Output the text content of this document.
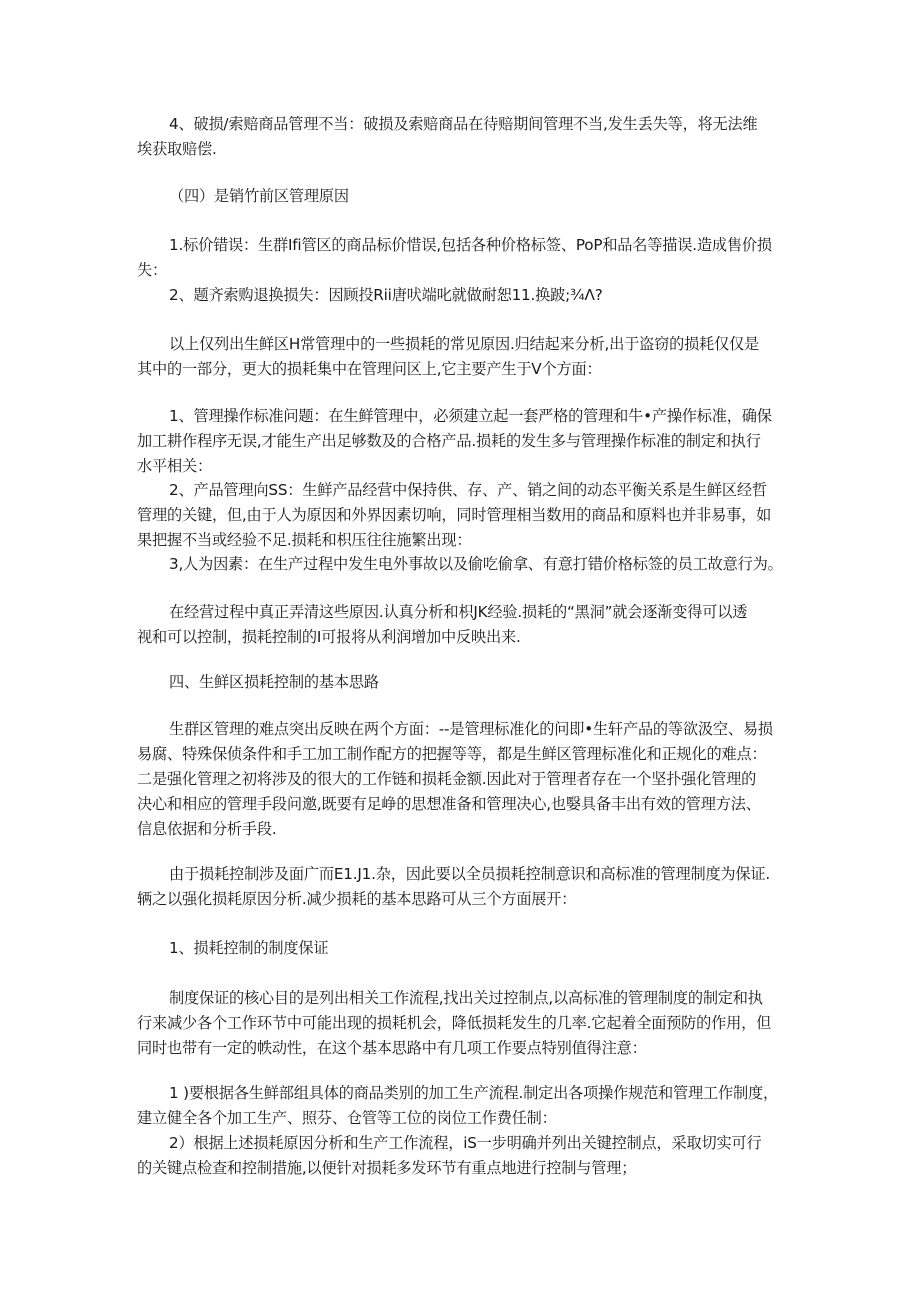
4、破损/索赔商品管理不当：破损及索赔商品在待赔期间管理不当,发生丢失等，将无法维
埃获取赔偿.
（四）是销竹前区管理原因
1.标价错误：生群Ifi管区的商品标价惜误,包括各种价格标签、PoP和品名等描误.造成售价损
失：
2、题齐索购退换损失：因顾投Rii唐吠端叱就做耐恕11.换跛;¾Λ?
以上仅列出生鲜区H常管理中的一些损耗的常见原因.归结起来分析,出于盗窃的损耗仅仅是
其中的一部分，更大的损耗集中在管理问区上,它主要产生于V个方面：
1、管理操作标准问题：在生鲜管理中，必须建立起一套严格的管理和牛•产操作标准，确保
加工耕作程序无误,才能生产出足够数及的合格产品.损耗的发生多与管理操作标准的制定和执行
水平相关：
2、产品管理向SS：生鲜产品经营中保持供、存、产、销之间的动态平衡关系是生鲜区经哲
管理的关键，但,由于人为原因和外界因素切响，同时管理相当数用的商品和原料也并非易事，如
果把握不当或经验不足.损耗和枳压往往施繁出现：
3,人为因素：在生产过程中发生电外事故以及偷吃偷拿、有意打错价格标签的员工故意行为。
在经营过程中真正弄清这些原因.认真分析和枳JK经验.损耗的“黑洞”就会逐渐变得可以透
视和可以控制，损耗控制的I可报将从利润增加中反映出来.
四、生鲜区损耗控制的基本思路
生群区管理的难点突出反映在两个方面：--是管理标准化的问即•生轩产品的等欲汲空、易损
易腐、特殊保侦条件和手工加工制作配方的把握等等，都是生鲜区管理标准化和正规化的难点：
二是强化管理之初将涉及的很大的工作链和损耗金额.因此对于管理者存在一个坚扑强化管理的
决心和相应的管理手段问邀,既要有足峥的思想准备和管理决心,也嫛具备丰出有效的管理方法、
信息依据和分析手段.
由于损耗控制涉及面广而E1.J1.杂，因此要以全员损耗控制意识和高标准的管理制度为保证.
辆之以强化损耗原因分析.减少损耗的基本思路可从三个方面展开：
1、损耗控制的制度保证
制度保证的核心目的是列出相关工作流程,找出关过控制点,以高标准的管理制度的制定和执
行来减少各个工作环节中可能出现的损耗机会，降低损耗发生的几率.它起着全面预防的作用，但
同时也带有一定的帙动性，在这个基本思路中有几项工作要点特别值得注意：
1 )要根据各生鲜部组具体的商品类别的加工生产流程.制定出各项操作规范和管理工作制度，
建立健全各个加工生产、照芬、仓管等工位的岗位工作费任制：
2）根据上述损耗原因分析和生产工作流程，iS一步明确并列出关键控制点，采取切实可行
的关键点检查和控制措施,以便针对损耗多发环节有重点地进行控制与管理；
